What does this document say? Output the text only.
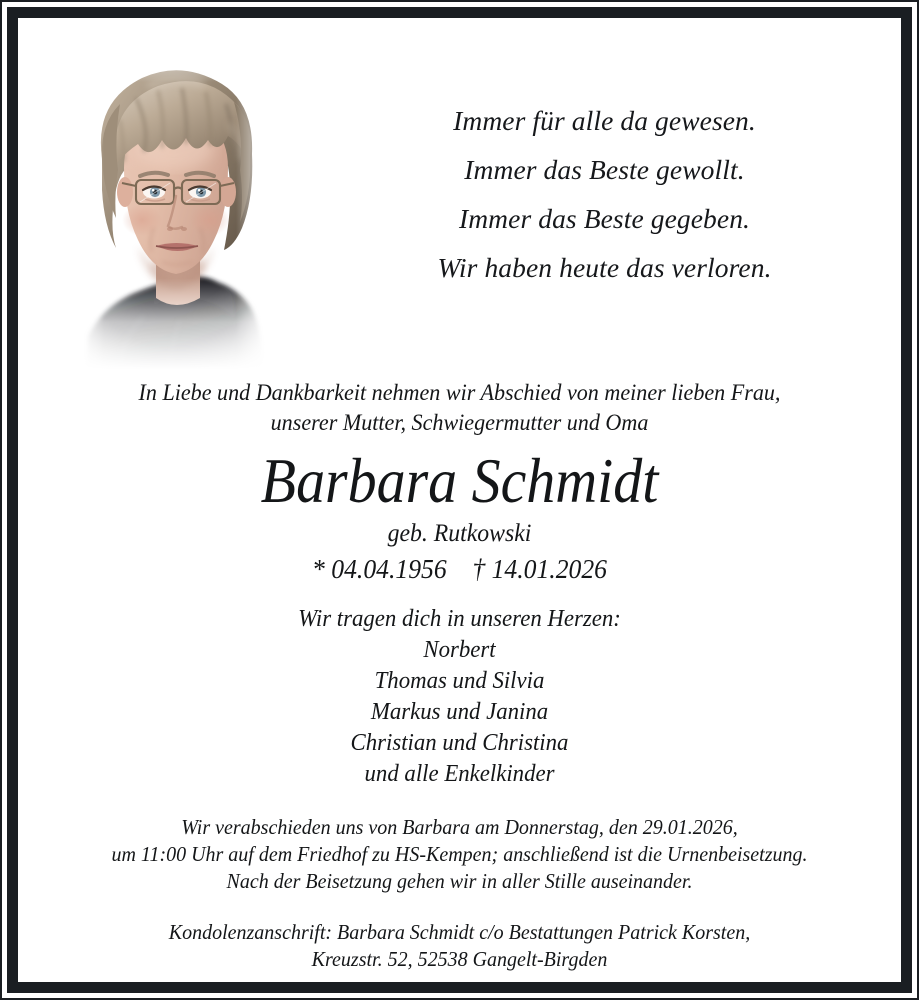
Immer für alle da gewesen.
Immer das Beste gewollt.
Immer das Beste gegeben.
Wir haben heute das verloren.
In Liebe und Dankbarkeit nehmen wir Abschied von meiner lieben Frau,
unserer Mutter, Schwiegermutter und Oma
Barbara Schmidt
geb. Rutkowski
* 04.04.1956    † 14.01.2026
Wir tragen dich in unseren Herzen:
Norbert
Thomas und Silvia
Markus und Janina
Christian und Christina
und alle Enkelkinder
Wir verabschieden uns von Barbara am Donnerstag, den 29.01.2026,
um 11:00 Uhr auf dem Friedhof zu HS-Kempen; anschließend ist die Urnenbeisetzung.
Nach der Beisetzung gehen wir in aller Stille auseinander.
Kondolenzanschrift: Barbara Schmidt c/o Bestattungen Patrick Korsten,
Kreuzstr. 52, 52538 Gangelt-Birgden
